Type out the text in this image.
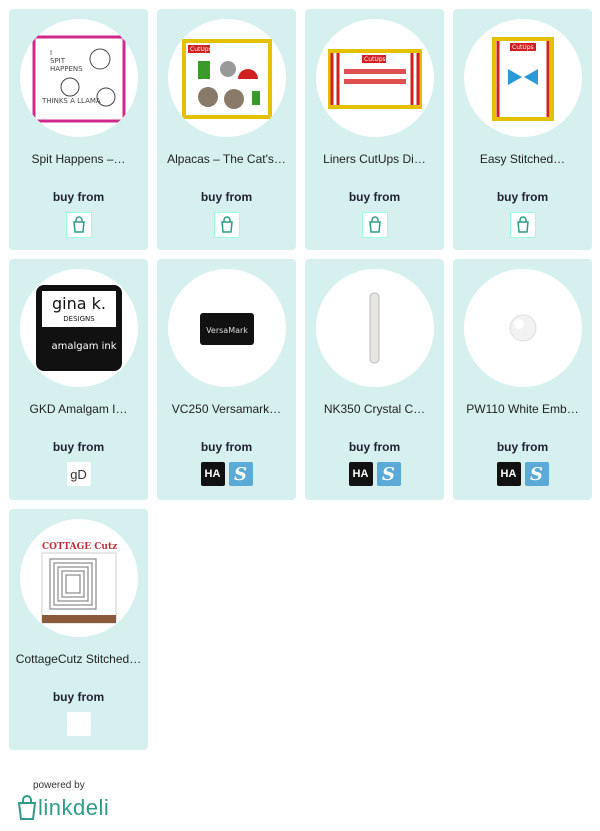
I
SPIT
HAPPENS
THINKS A LLAMA
Spit Happens –…
buy from
CutUps
Alpacas – The Cat's…
buy from
CutUps
Liners CutUps Di…
buy from
CutUps
Easy Stitched…
buy from
gina k.
DESIGNS
amalgam ink
GKD Amalgam I…
buy from
gD
VersaMark
VC250 Versamark…
buy from
HA S
NK350 Crystal C…
buy from
HA S
PW110 White Emb…
buy from
HA S
COTTAGE Cutz
CottageCutz Stitched…
buy from
powered by
linkdeli
